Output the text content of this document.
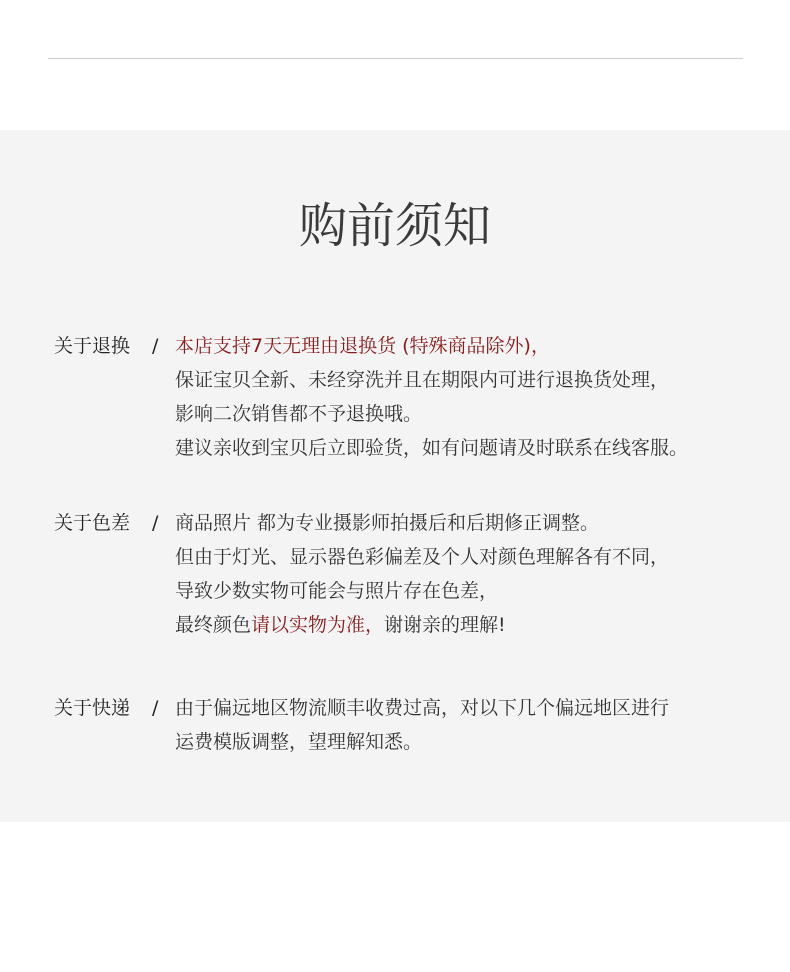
购前须知
关于退换 / 本店支持7天无理由退换货 (特殊商品除外)，
保证宝贝全新、未经穿洗并且在期限内可进行退换货处理，
影响二次销售都不予退换哦。
建议亲收到宝贝后立即验货，如有问题请及时联系在线客服。
关于色差 / 商品照片 都为专业摄影师拍摄后和后期修正调整。
但由于灯光、显示器色彩偏差及个人对颜色理解各有不同，
导致少数实物可能会与照片存在色差，
最终颜色请以实物为准，谢谢亲的理解!
关于快递 / 由于偏远地区物流顺丰收费过高，对以下几个偏远地区进行
运费模版调整，望理解知悉。
